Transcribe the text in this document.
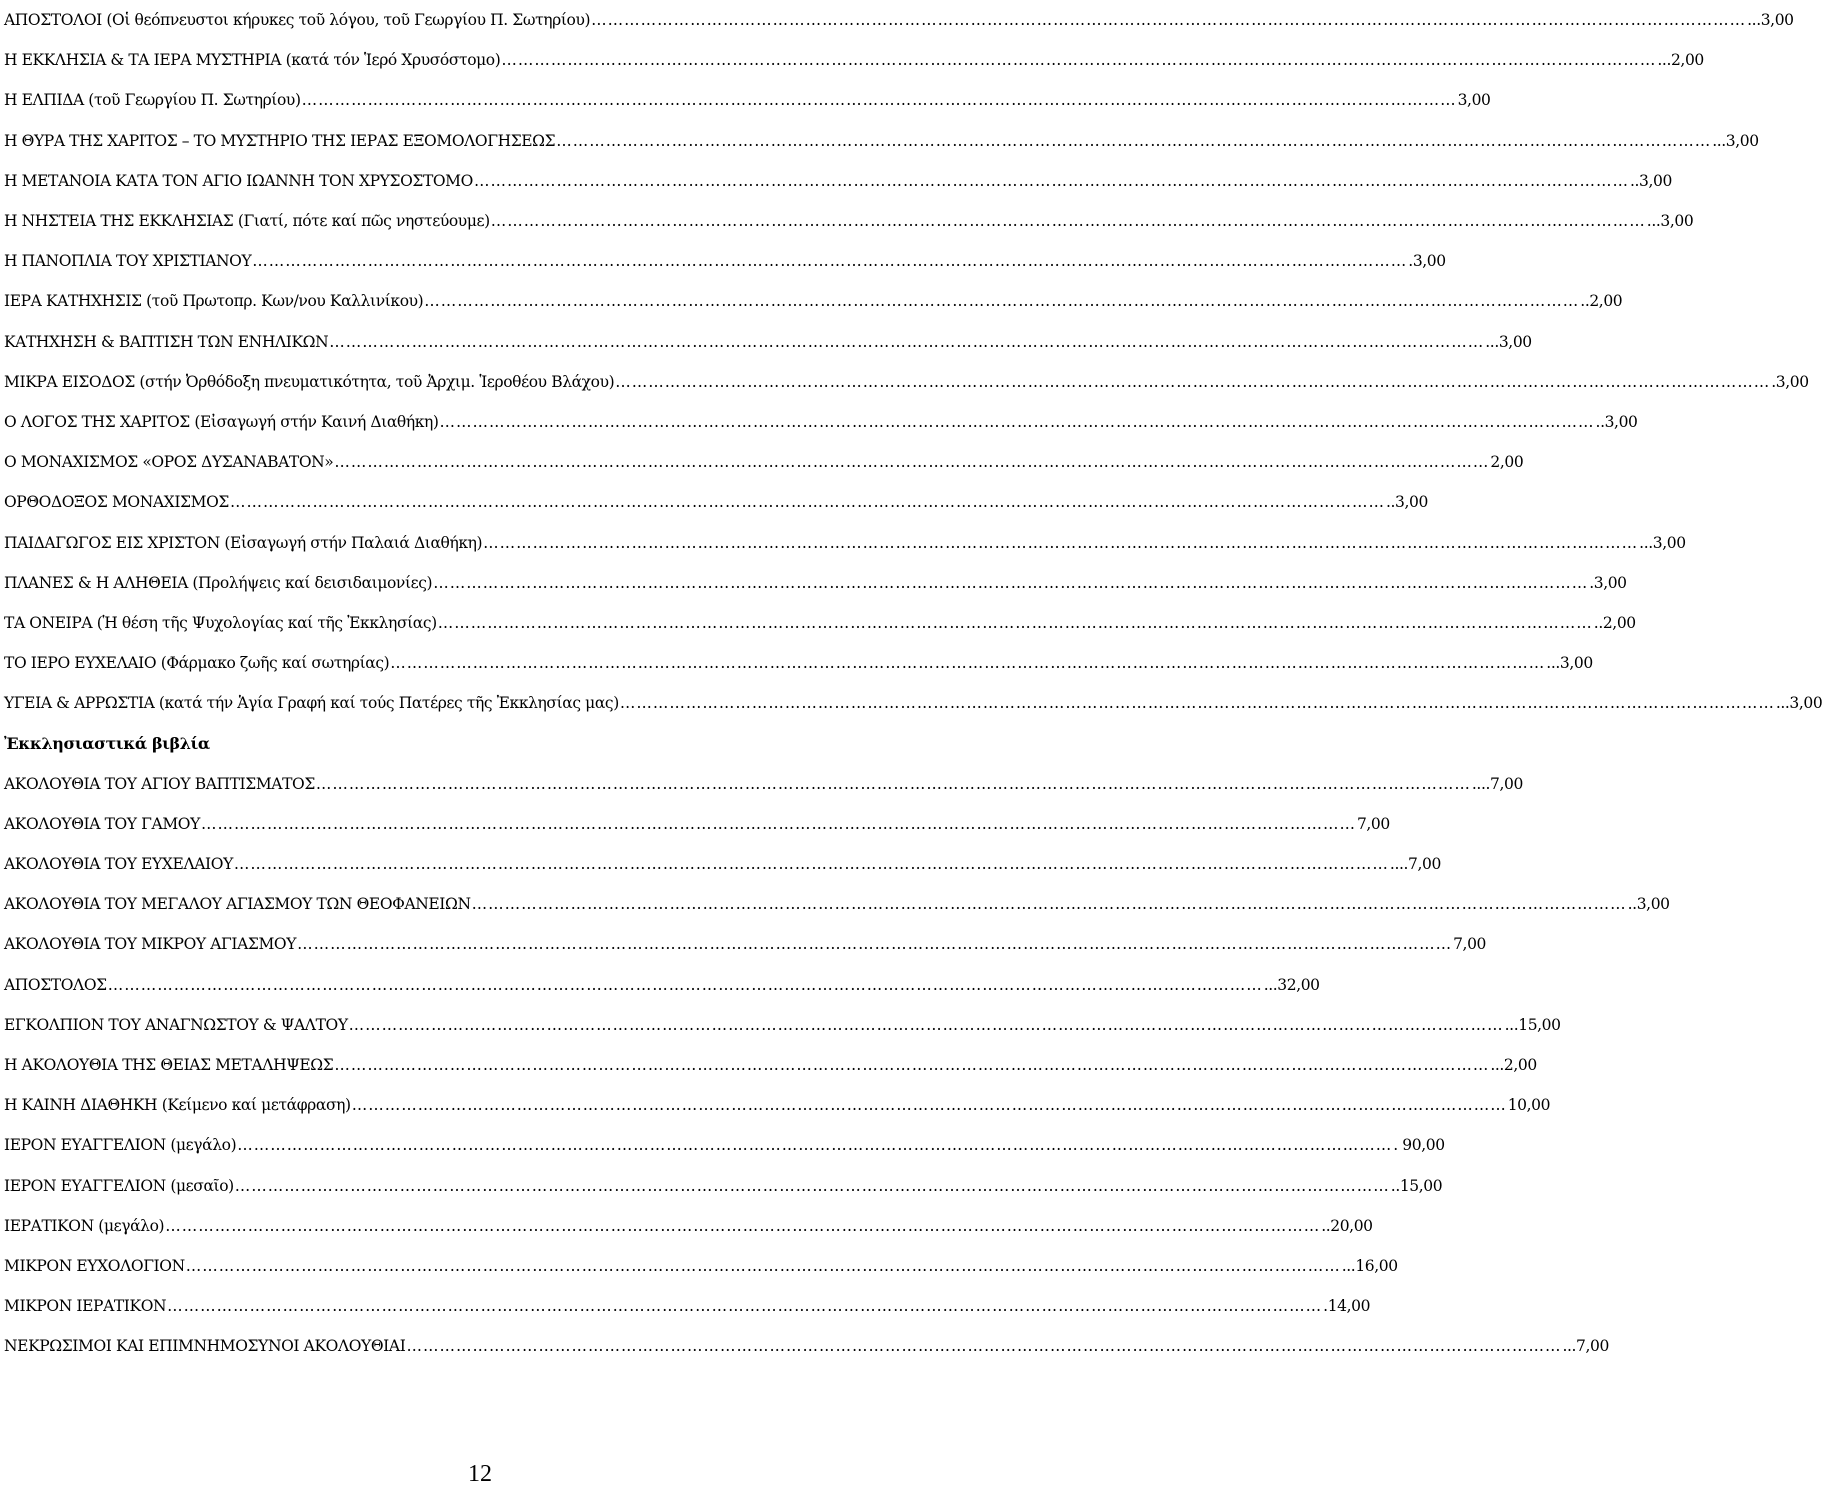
ΑΠΟΣΤΟΛΟΙ (Οἱ θεόπνευστοι κήρυκες τοῦ λόγου, τοῦ Γεωργίου Π. Σωτηρίου) …………………………………………………………………………………………………………………………………………………………………………………………	...3,00
Η ΕΚΚΛΗΣΙΑ & ΤΑ ΙΕΡΑ ΜΥΣΤΗΡΙΑ (κατά τόν Ἱερό Χρυσόστομο) …………………………………………………………………………………………………………………………………………………………………………………………	...2,00
Η ΕΛΠΙΔΑ (τοῦ Γεωργίου Π. Σωτηρίου) …………………………………………………………………………………………………………………………………………………………………………………………	3,00
Η ΘΥΡΑ ΤΗΣ ΧΑΡΙΤΟΣ – ΤΟ ΜΥΣΤΗΡΙΟ ΤΗΣ ΙΕΡΑΣ ΕΞΟΜΟΛΟΓΗΣΕΩΣ …………………………………………………………………………………………………………………………………………………………………………………………	...3,00
Η ΜΕΤΑΝΟΙΑ ΚΑΤΑ ΤΟΝ ΑΓΙΟ ΙΩΑΝΝΗ ΤΟΝ ΧΡΥΣΟΣΤΟΜΟ …………………………………………………………………………………………………………………………………………………………………………………………	..3,00
Η ΝΗΣΤΕΙΑ ΤΗΣ ΕΚΚΛΗΣΙΑΣ (Γιατί, πότε καί πῶς νηστεύουμε) …………………………………………………………………………………………………………………………………………………………………………………………	...3,00
Η ΠΑΝΟΠΛΙΑ ΤΟΥ ΧΡΙΣΤΙΑΝΟΥ …………………………………………………………………………………………………………………………………………………………………………………………	.3,00
ΙΕΡΑ ΚΑΤΗΧΗΣΙΣ (τοῦ Πρωτοπρ. Κων/νου Καλλινίκου) …………………………………………………………………………………………………………………………………………………………………………………………	..2,00
ΚΑΤΗΧΗΣΗ & ΒΑΠΤΙΣΗ ΤΩΝ ΕΝΗΛΙΚΩΝ …………………………………………………………………………………………………………………………………………………………………………………………	...3,00
ΜΙΚΡΑ ΕΙΣΟΔΟΣ (στήν Ὀρθόδοξη πνευματικότητα, τοῦ Ἀρχιμ. Ἱεροθέου Βλάχου) …………………………………………………………………………………………………………………………………………………………………………………………	.3,00
Ο ΛΟΓΟΣ ΤΗΣ ΧΑΡΙΤΟΣ (Εἰσαγωγή στήν Καινή Διαθήκη) …………………………………………………………………………………………………………………………………………………………………………………………	..3,00
Ο ΜΟΝΑΧΙΣΜΟΣ «ΟΡΟΣ ΔΥΣΑΝΑΒΑΤΟΝ» …………………………………………………………………………………………………………………………………………………………………………………………	2,00
ΟΡΘΟΔΟΞΟΣ ΜΟΝΑΧΙΣΜΟΣ …………………………………………………………………………………………………………………………………………………………………………………………	..3,00
ΠΑΙΔΑΓΩΓΟΣ ΕΙΣ ΧΡΙΣΤΟΝ (Εἰσαγωγή στήν Παλαιά Διαθήκη) …………………………………………………………………………………………………………………………………………………………………………………………	...3,00
ΠΛΑΝΕΣ & Η ΑΛΗΘΕΙΑ (Προλήψεις καί δεισιδαιμονίες) …………………………………………………………………………………………………………………………………………………………………………………………	.3,00
ΤΑ ΟΝΕΙΡΑ (Ἡ θέση τῆς Ψυχολογίας καί τῆς Ἐκκλησίας) …………………………………………………………………………………………………………………………………………………………………………………………	..2,00
ΤΟ ΙΕΡΟ ΕΥΧΕΛΑΙΟ (Φάρμακο ζωῆς καί σωτηρίας) …………………………………………………………………………………………………………………………………………………………………………………………	...3,00
ΥΓΕΙΑ & ΑΡΡΩΣΤΙΑ (κατά τήν Ἁγία Γραφή καί τούς Πατέρες τῆς Ἐκκλησίας μας) …………………………………………………………………………………………………………………………………………………………………………………………	...3,00
Ἐκκλησιαστικά βιβλία
ΑΚΟΛΟΥΘΙΑ ΤΟΥ ΑΓΙΟΥ ΒΑΠΤΙΣΜΑΤΟΣ …………………………………………………………………………………………………………………………………………………………………………………………	....7,00
ΑΚΟΛΟΥΘΙΑ ΤΟΥ ΓΑΜΟΥ …………………………………………………………………………………………………………………………………………………………………………………………	7,00
ΑΚΟΛΟΥΘΙΑ ΤΟΥ ΕΥΧΕΛΑΙΟΥ …………………………………………………………………………………………………………………………………………………………………………………………	....7,00
ΑΚΟΛΟΥΘΙΑ ΤΟΥ ΜΕΓΑΛΟΥ ΑΓΙΑΣΜΟΥ ΤΩΝ ΘΕΟΦΑΝΕΙΩΝ …………………………………………………………………………………………………………………………………………………………………………………………	..3,00
ΑΚΟΛΟΥΘΙΑ ΤΟΥ ΜΙΚΡΟΥ ΑΓΙΑΣΜΟΥ …………………………………………………………………………………………………………………………………………………………………………………………	7,00
ΑΠΟΣΤΟΛΟΣ …………………………………………………………………………………………………………………………………………………………………………………………	...32,00
ΕΓΚΟΛΠΙΟΝ ΤΟΥ ΑΝΑΓΝΩΣΤΟΥ & ΨΑΛΤΟΥ …………………………………………………………………………………………………………………………………………………………………………………………	...15,00
Η ΑΚΟΛΟΥΘΙΑ ΤΗΣ ΘΕΙΑΣ ΜΕΤΑΛΗΨΕΩΣ …………………………………………………………………………………………………………………………………………………………………………………………	...2,00
Η ΚΑΙΝΗ ΔΙΑΘΗΚΗ (Κείμενο καί μετάφραση) …………………………………………………………………………………………………………………………………………………………………………………………	10,00
ΙΕΡΟΝ ΕΥΑΓΓΕΛΙΟΝ (μεγάλο) …………………………………………………………………………………………………………………………………………………………………………………………	. 90,00
ΙΕΡΟΝ ΕΥΑΓΓΕΛΙΟΝ (μεσαῖο) …………………………………………………………………………………………………………………………………………………………………………………………	..15,00
ΙΕΡΑΤΙΚΟΝ (μεγάλο) …………………………………………………………………………………………………………………………………………………………………………………………	..20,00
ΜΙΚΡΟΝ ΕΥΧΟΛΟΓΙΟΝ …………………………………………………………………………………………………………………………………………………………………………………………	...16,00
ΜΙΚΡΟΝ ΙΕΡΑΤΙΚΟΝ …………………………………………………………………………………………………………………………………………………………………………………………	.14,00
ΝΕΚΡΩΣΙΜΟΙ ΚΑΙ ΕΠΙΜΝΗΜΟΣΥΝΟΙ ΑΚΟΛΟΥΘΙΑΙ …………………………………………………………………………………………………………………………………………………………………………………………	...7,00
12
